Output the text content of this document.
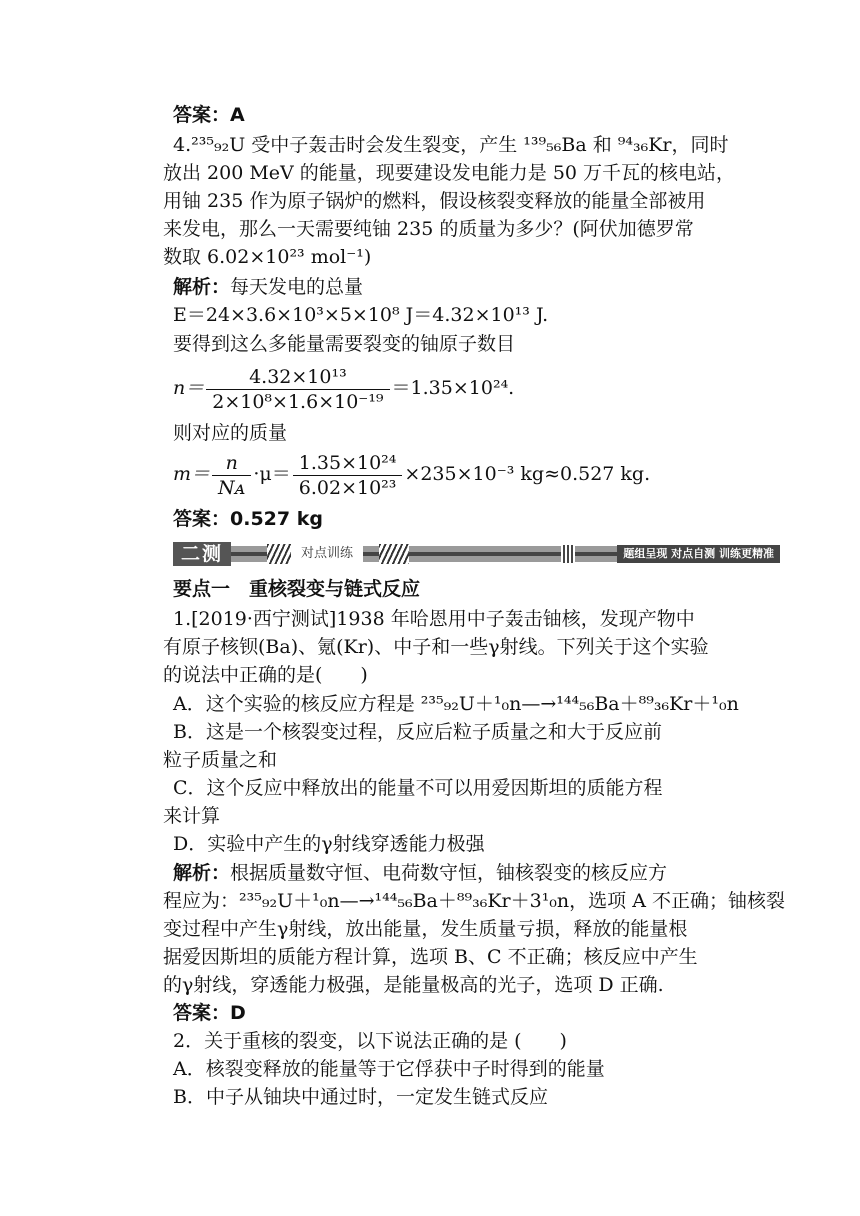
答案：A
4.²³⁵₉₂U 受中子轰击时会发生裂变，产生 ¹³⁹₅₆Ba 和 ⁹⁴₃₆Kr，同时
放出 200 MeV 的能量，现要建设发电能力是 50 万千瓦的核电站，
用铀 235 作为原子锅炉的燃料，假设核裂变释放的能量全部被用
来发电，那么一天需要纯铀 235 的质量为多少？(阿伏加德罗常
数取 6.02×10²³ mol⁻¹)
解析：每天发电的总量
E＝24×3.6×10³×5×10⁸ J＝4.32×10¹³ J.
要得到这么多能量需要裂变的铀原子数目
$n= \frac{\text{4.32×10¹³}}{\text{2×10⁸×1.6×10⁻¹⁹}} =1.35\times 10^{24}$.
则对应的质量
$m= \frac{n}{\text{Nᴀ}} \cdot\mu= \frac{\text{1.35×10²⁴}}{\text{6.02×10²³}} \times 235\times 10^{-3}$ kg≈0.527 kg.
答案：0.527 kg
二测	对点训练	题组呈现 对点自测 训练更精准
要点一　重核裂变与链式反应
1.[2019·西宁测试]1938 年哈恩用中子轰击铀核，发现产物中
有原子核钡(Ba)、氪(Kr)、中子和一些γ射线。下列关于这个实验
的说法中正确的是(　　)
A．这个实验的核反应方程是 ²³⁵₉₂U＋¹₀n—→¹⁴⁴₅₆Ba＋⁸⁹₃₆Kr＋¹₀n
B．这是一个核裂变过程，反应后粒子质量之和大于反应前
粒子质量之和
C．这个反应中释放出的能量不可以用爱因斯坦的质能方程
来计算
D．实验中产生的γ射线穿透能力极强
解析：根据质量数守恒、电荷数守恒，铀核裂变的核反应方
程应为：²³⁵₉₂U＋¹₀n—→¹⁴⁴₅₆Ba＋⁸⁹₃₆Kr＋3¹₀n，选项 A 不正确；铀核裂
变过程中产生γ射线，放出能量，发生质量亏损，释放的能量根
据爱因斯坦的质能方程计算，选项 B、C 不正确；核反应中产生
的γ射线，穿透能力极强，是能量极高的光子，选项 D 正确.
答案：D
2．关于重核的裂变，以下说法正确的是 (　　)
A．核裂变释放的能量等于它俘获中子时得到的能量
B．中子从铀块中通过时，一定发生链式反应
